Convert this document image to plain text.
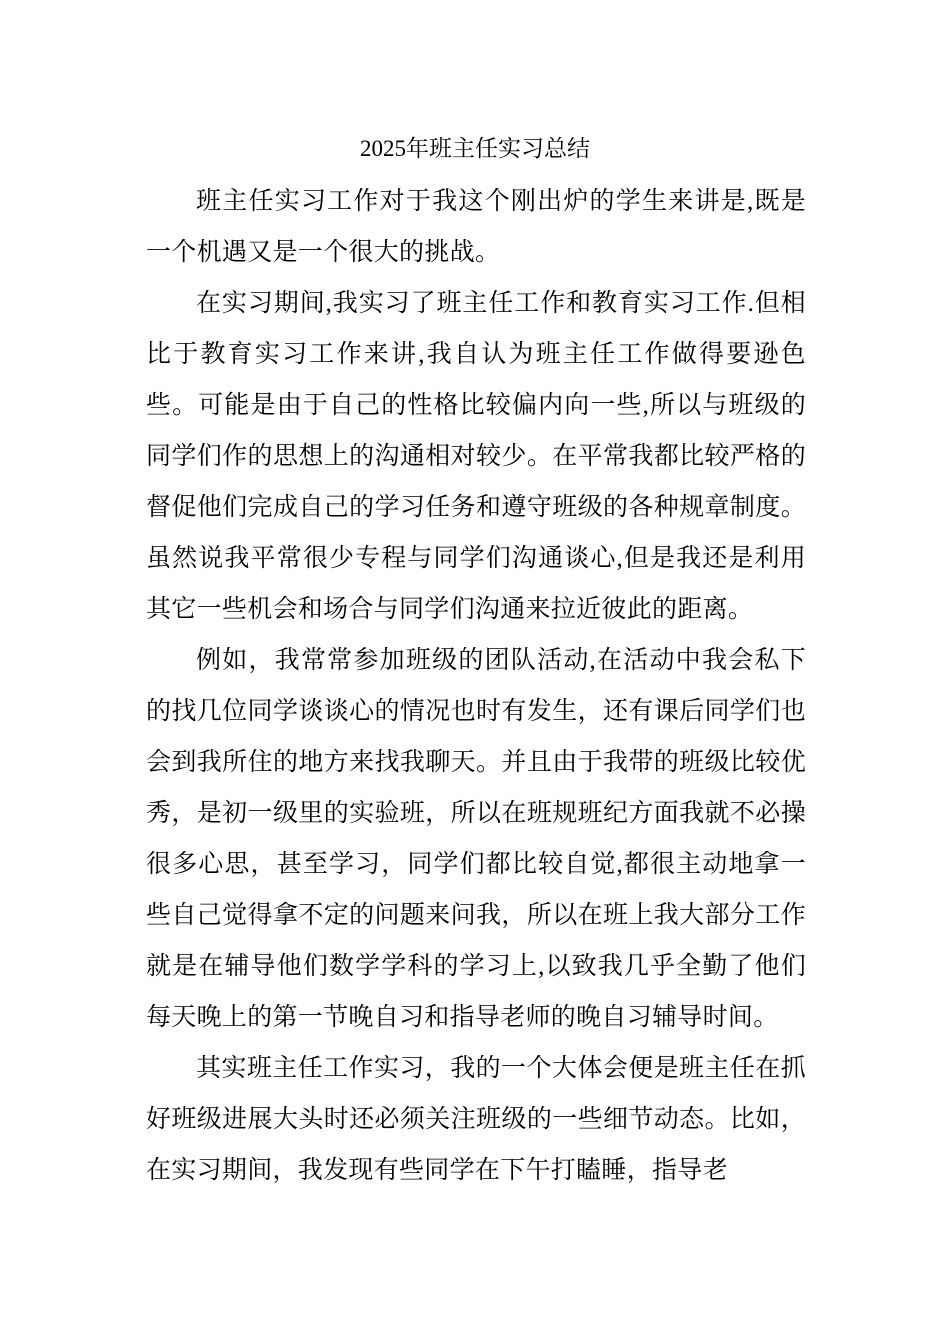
2025年班主任实习总结

班主任实习工作对于我这个刚出炉的学生来讲是,既是一个机遇又是一个很大的挑战。

在实习期间,我实习了班主任工作和教育实习工作.但相比于教育实习工作来讲,我自认为班主任工作做得要逊色些。可能是由于自己的性格比较偏内向一些,所以与班级的同学们作的思想上的沟通相对较少。在平常我都比较严格的督促他们完成自己的学习任务和遵守班级的各种规章制度。虽然说我平常很少专程与同学们沟通谈心,但是我还是利用其它一些机会和场合与同学们沟通来拉近彼此的距离。

例如，我常常参加班级的团队活动,在活动中我会私下的找几位同学谈谈心的情况也时有发生，还有课后同学们也会到我所住的地方来找我聊天。并且由于我带的班级比较优秀，是初一级里的实验班，所以在班规班纪方面我就不必操很多心思，甚至学习，同学们都比较自觉,都很主动地拿一些自己觉得拿不定的问题来问我，所以在班上我大部分工作就是在辅导他们数学学科的学习上,以致我几乎全勤了他们每天晚上的第一节晚自习和指导老师的晚自习辅导时间。

其实班主任工作实习，我的一个大体会便是班主任在抓好班级进展大头时还必须关注班级的一些细节动态。比如，在实习期间，我发现有些同学在下午打瞌睡，指导老
